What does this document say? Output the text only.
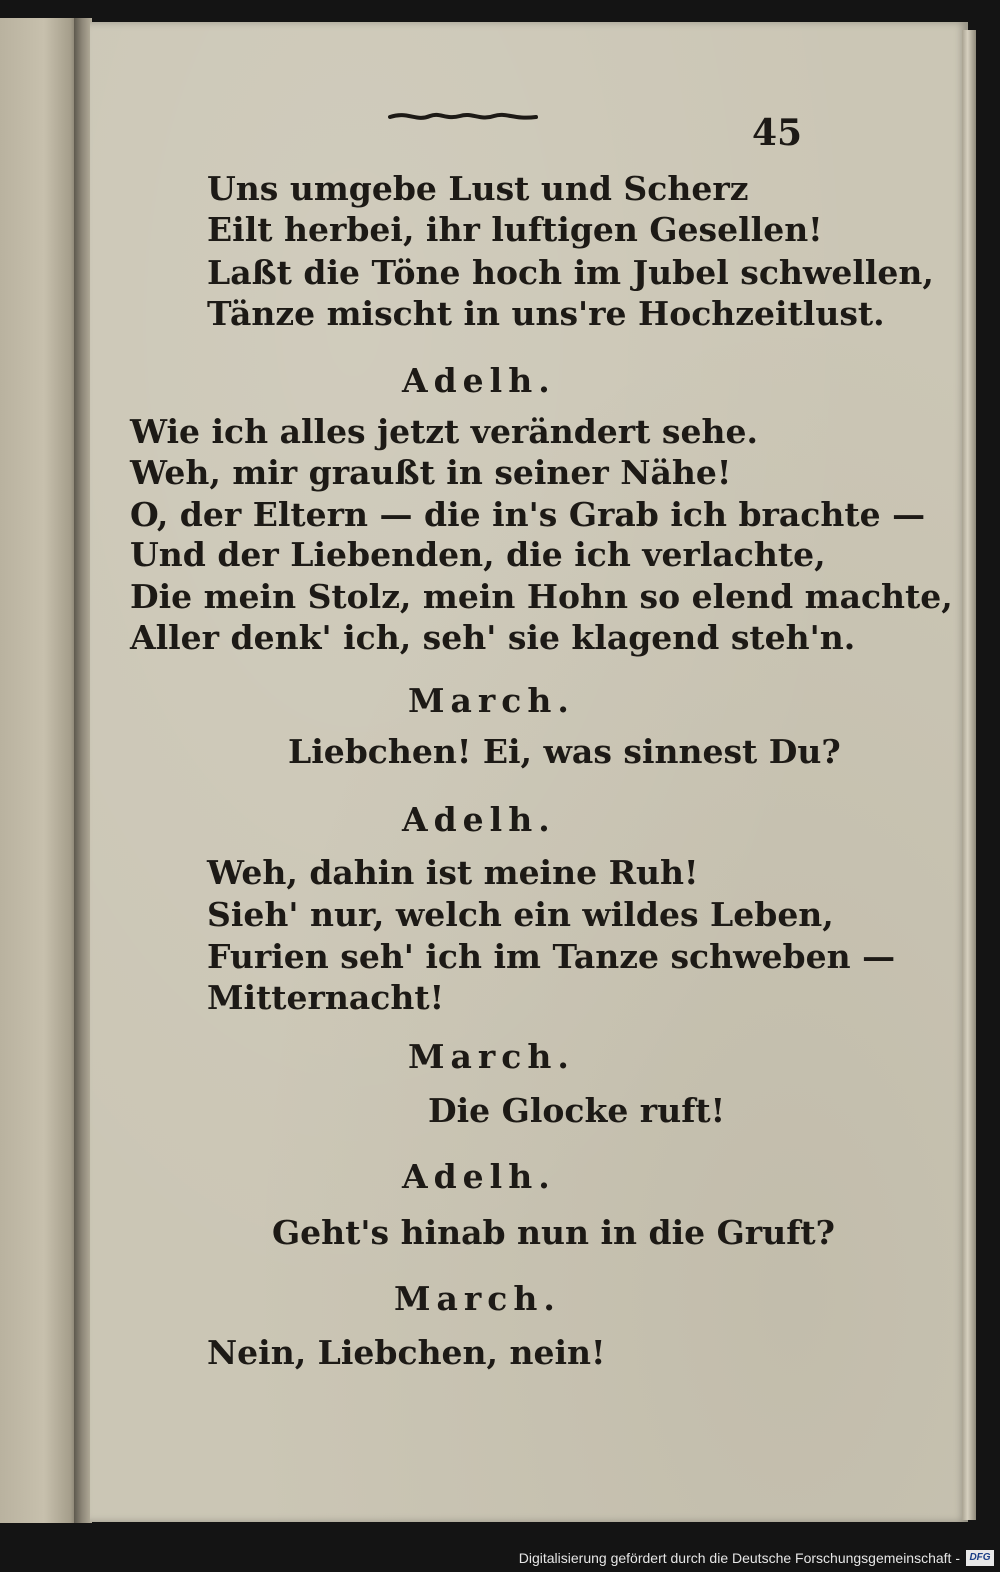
45
Uns umgebe Lust und Scherz
Eilt herbei, ihr luftigen Gesellen!
Laßt die Töne hoch im Jubel schwellen,
Tänze mischt in uns're Hochzeitlust.
Adelh.
Wie ich alles jetzt verändert sehe.
Weh, mir graußt in seiner Nähe!
O, der Eltern — die in's Grab ich brachte —
Und der Liebenden, die ich verlachte,
Die mein Stolz, mein Hohn so elend machte,
Aller denk' ich, seh' sie klagend steh'n.
March.
Liebchen! Ei, was sinnest Du?
Adelh.
Weh, dahin ist meine Ruh!
Sieh' nur, welch ein wildes Leben,
Furien seh' ich im Tanze schweben —
Mitternacht!
March.
Die Glocke ruft!
Adelh.
Geht's hinab nun in die Gruft?
March.
Nein, Liebchen, nein!
Digitalisierung gefördert durch die Deutsche Forschungsgemeinschaft - DFG
